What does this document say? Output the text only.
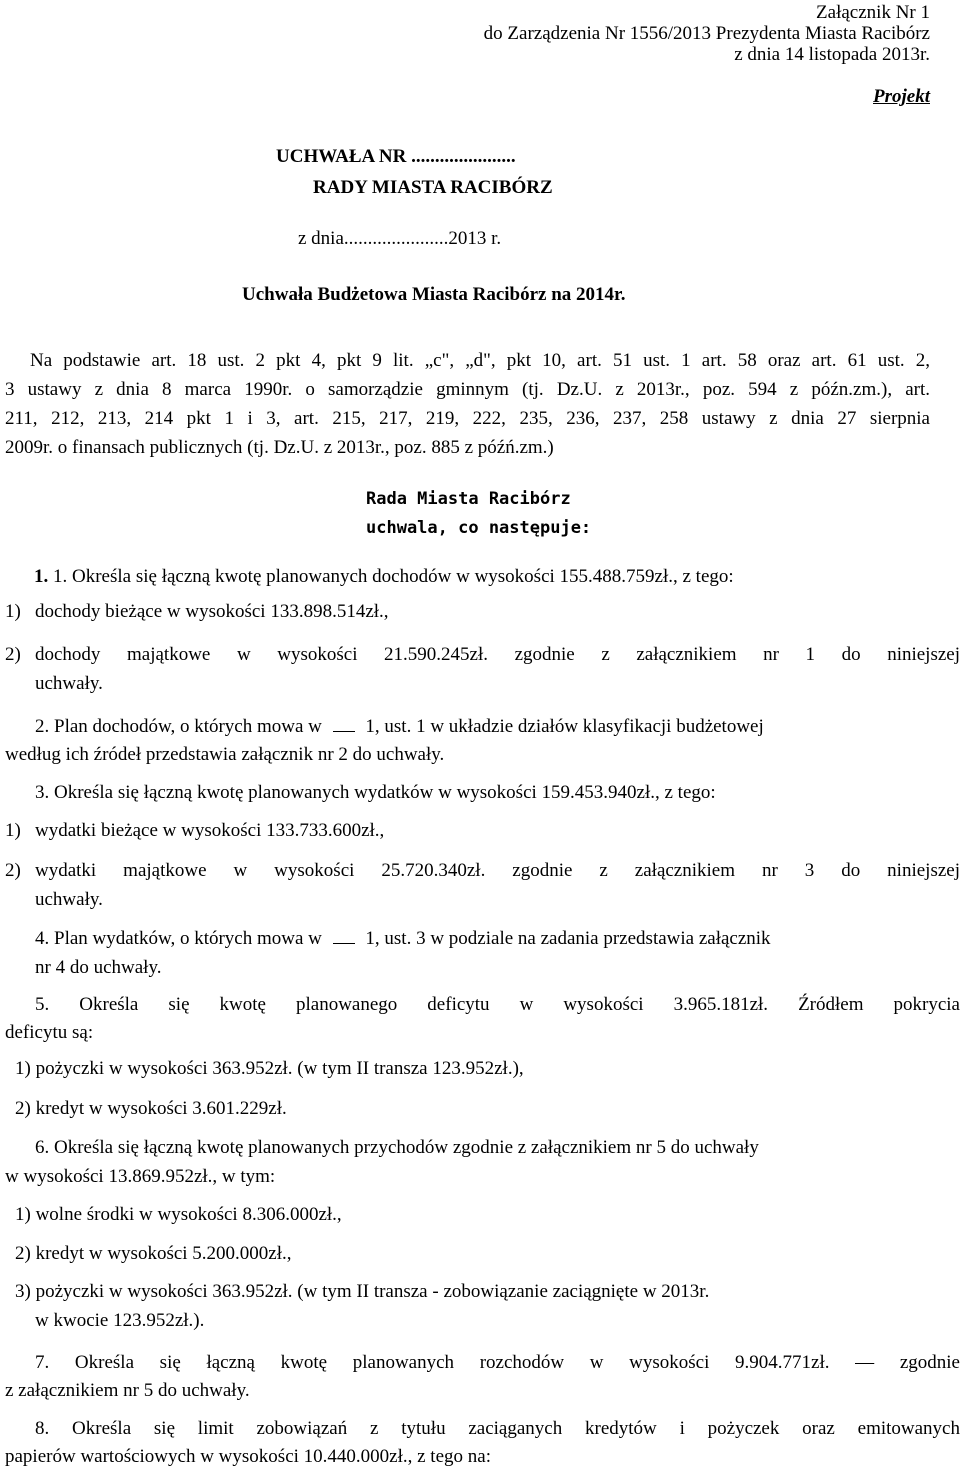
Załącznik Nr 1
do Zarządzenia Nr 1556/2013 Prezydenta Miasta Racibórz
z dnia 14 listopada 2013r.
Projekt
UCHWAŁA NR ......................
RADY MIASTA RACIBÓRZ
z dnia......................2013 r.
Uchwała Budżetowa Miasta Racibórz na 2014r.
Na podstawie art. 18 ust. 2 pkt 4, pkt 9 lit. „c", „d", pkt 10, art. 51 ust. 1 art. 58 oraz art. 61 ust. 2,
3 ustawy z dnia 8 marca 1990r. o samorządzie gminnym (tj. Dz.U. z 2013r., poz. 594 z późn.zm.), art.
211, 212, 213, 214 pkt 1 i 3, art. 215, 217, 219, 222, 235, 236, 237, 258 ustawy z dnia 27 sierpnia
2009r. o finansach publicznych (tj. Dz.U. z 2013r., poz. 885 z późń.zm.)
Rada Miasta Racibórz
uchwala, co następuje:
1. 1. Określa się łączną kwotę planowanych dochodów w wysokości 155.488.759zł., z tego:
1) dochody bieżące w wysokości 133.898.514zł.,
2) dochody majątkowe w wysokości 21.590.245zł. zgodnie z załącznikiem nr 1 do niniejszej
uchwały.
2. Plan dochodów, o których mowa w 1, ust. 1 w układzie działów klasyfikacji budżetowej
według ich źródeł przedstawia załącznik nr 2 do uchwały.
3. Określa się łączną kwotę planowanych wydatków w wysokości 159.453.940zł., z tego:
1) wydatki bieżące w wysokości 133.733.600zł.,
2) wydatki majątkowe w wysokości 25.720.340zł. zgodnie z załącznikiem nr 3 do niniejszej
uchwały.
4. Plan wydatków, o których mowa w 1, ust. 3 w podziale na zadania przedstawia załącznik
nr 4 do uchwały.
5. Określa się kwotę planowanego deficytu w wysokości 3.965.181zł. Źródłem pokrycia
deficytu są:
1) pożyczki w wysokości 363.952zł. (w tym II transza 123.952zł.),
2) kredyt w wysokości 3.601.229zł.
6. Określa się łączną kwotę planowanych przychodów zgodnie z załącznikiem nr 5 do uchwały
w wysokości 13.869.952zł., w tym:
1) wolne środki w wysokości 8.306.000zł.,
2) kredyt w wysokości 5.200.000zł.,
3) pożyczki w wysokości 363.952zł. (w tym II transza - zobowiązanie zaciągnięte w 2013r.
w kwocie 123.952zł.).
7. Określa się łączną kwotę planowanych rozchodów w wysokości 9.904.771zł. — zgodnie
z załącznikiem nr 5 do uchwały.
8. Określa się limit zobowiązań z tytułu zaciąganych kredytów i pożyczek oraz emitowanych
papierów wartościowych w wysokości 10.440.000zł., z tego na:
